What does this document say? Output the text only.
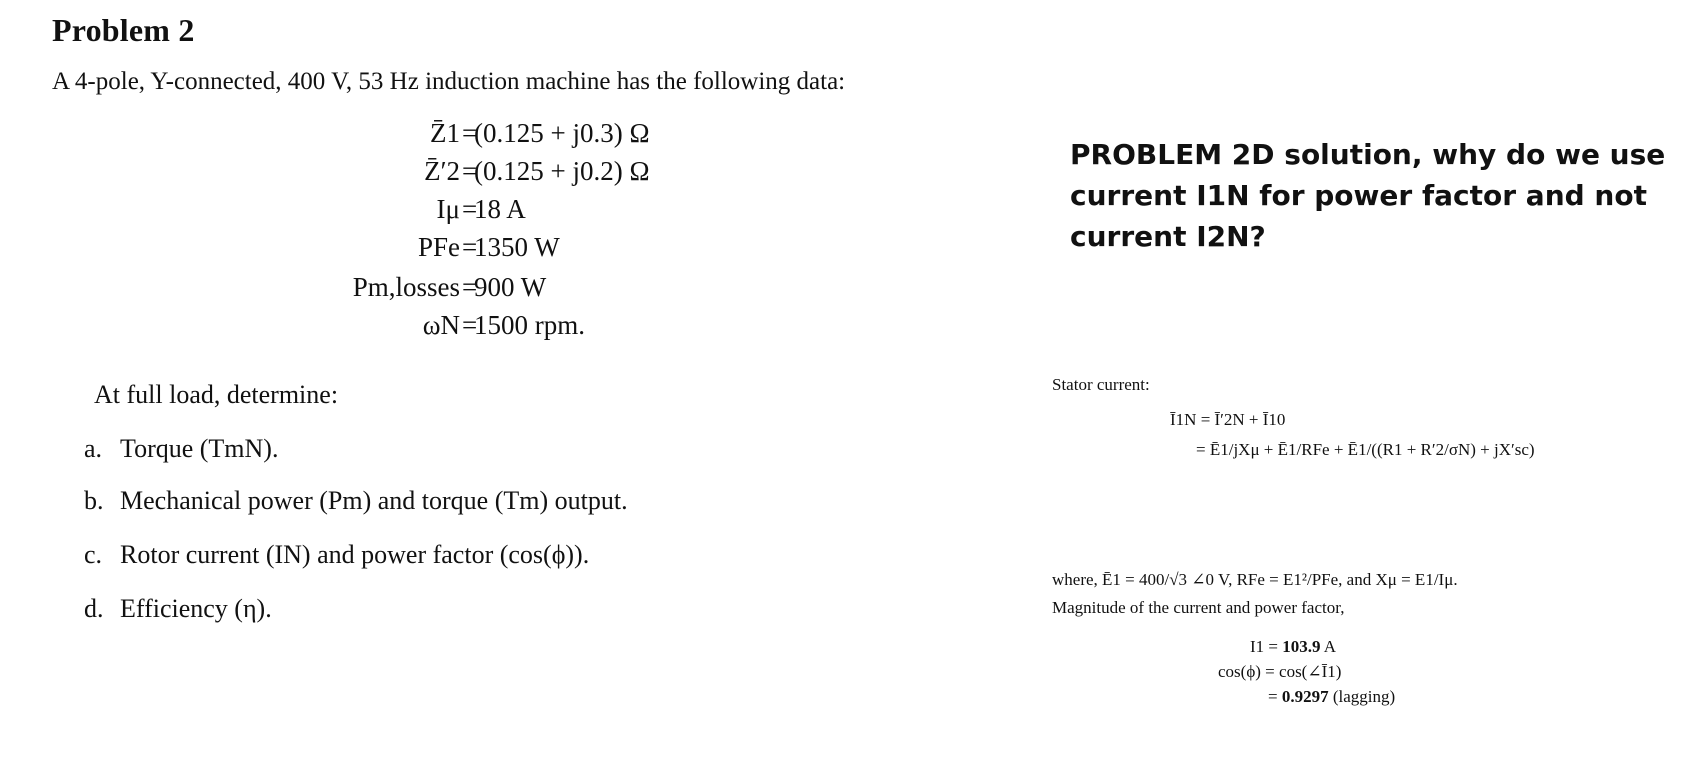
Problem 2
A 4-pole, Y-connected, 400 V, 53 Hz induction machine has the following data:
Z̄1 =
(0.125 + j0.3) Ω
Z̄′2 =
(0.125 + j0.2) Ω
Iμ =
18 A
PFe =
1350 W
Pm,losses =
900 W
ωN =
1500 rpm.
At full load, determine:
a. Torque (TmN).
b. Mechanical power (Pm) and torque (Tm) output.
c. Rotor current (IN) and power factor (cos(ϕ)).
d. Efficiency (η).
PROBLEM 2D solution, why do we use current I1N for power factor and not current I2N?
Stator current:
Ī1N = Ī′2N + Ī10
= Ē1/jXμ + Ē1/RFe + Ē1/((R1 + R′2/σN) + jX′sc)
where, Ē1 = 400/√3 ∠0 V, RFe = E1²/PFe, and Xμ = E1/Iμ.
Magnitude of the current and power factor,
I1 = 103.9 A
cos(ϕ) = cos(∠Ī1)
= 0.9297 (lagging)
